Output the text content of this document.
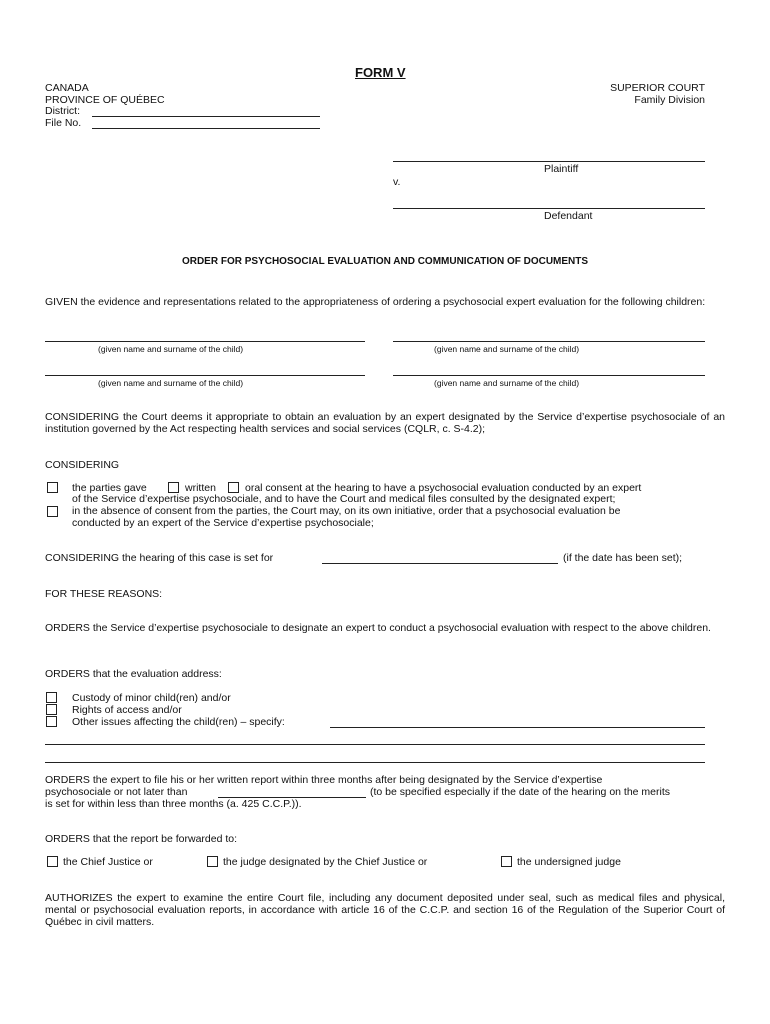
FORM V
CANADA
PROVINCE OF QUÉBEC
District:
File No.
SUPERIOR COURT
Family Division
Plaintiff
v.
Defendant
ORDER FOR PSYCHOSOCIAL EVALUATION AND COMMUNICATION OF DOCUMENTS
GIVEN the evidence and representations related to the appropriateness of ordering a psychosocial expert evaluation for the following children:
(given name and surname of the child)	(given name and surname of the child)
(given name and surname of the child)	(given name and surname of the child)
CONSIDERING the Court deems it appropriate to obtain an evaluation by an expert designated by the Service d’expertise psychosociale of an institution governed by the Act respecting health services and social services (CQLR, c. S-4.2);
CONSIDERING
the parties gave	written	oral consent at the hearing to have a psychosocial evaluation conducted by an expert
of the Service d’expertise psychosociale, and to have the Court and medical files consulted by the designated expert;
in the absence of consent from the parties, the Court may, on its own initiative, order that a psychosocial evaluation be
conducted by an expert of the Service d’expertise psychosociale;
CONSIDERING the hearing of this case is set for	(if the date has been set);
FOR THESE REASONS:
ORDERS the Service d’expertise psychosociale to designate an expert to conduct a psychosocial evaluation with respect to the above children.
ORDERS that the evaluation address:
Custody of minor child(ren) and/or
Rights of access and/or
Other issues affecting the child(ren) – specify:
ORDERS the expert to file his or her written report within three months after being designated by the Service d’expertise
psychosociale or not later than	(to be specified especially if the date of the hearing on the merits
is set for within less than three months (a. 425 C.C.P.)).
ORDERS that the report be forwarded to:
the Chief Justice or	the judge designated by the Chief Justice or	the undersigned judge
AUTHORIZES the expert to examine the entire Court file, including any document deposited under seal, such as medical files and physical, mental or psychosocial evaluation reports, in accordance with article 16 of the C.C.P. and section 16 of the Regulation of the Superior Court of Québec in civil matters.
